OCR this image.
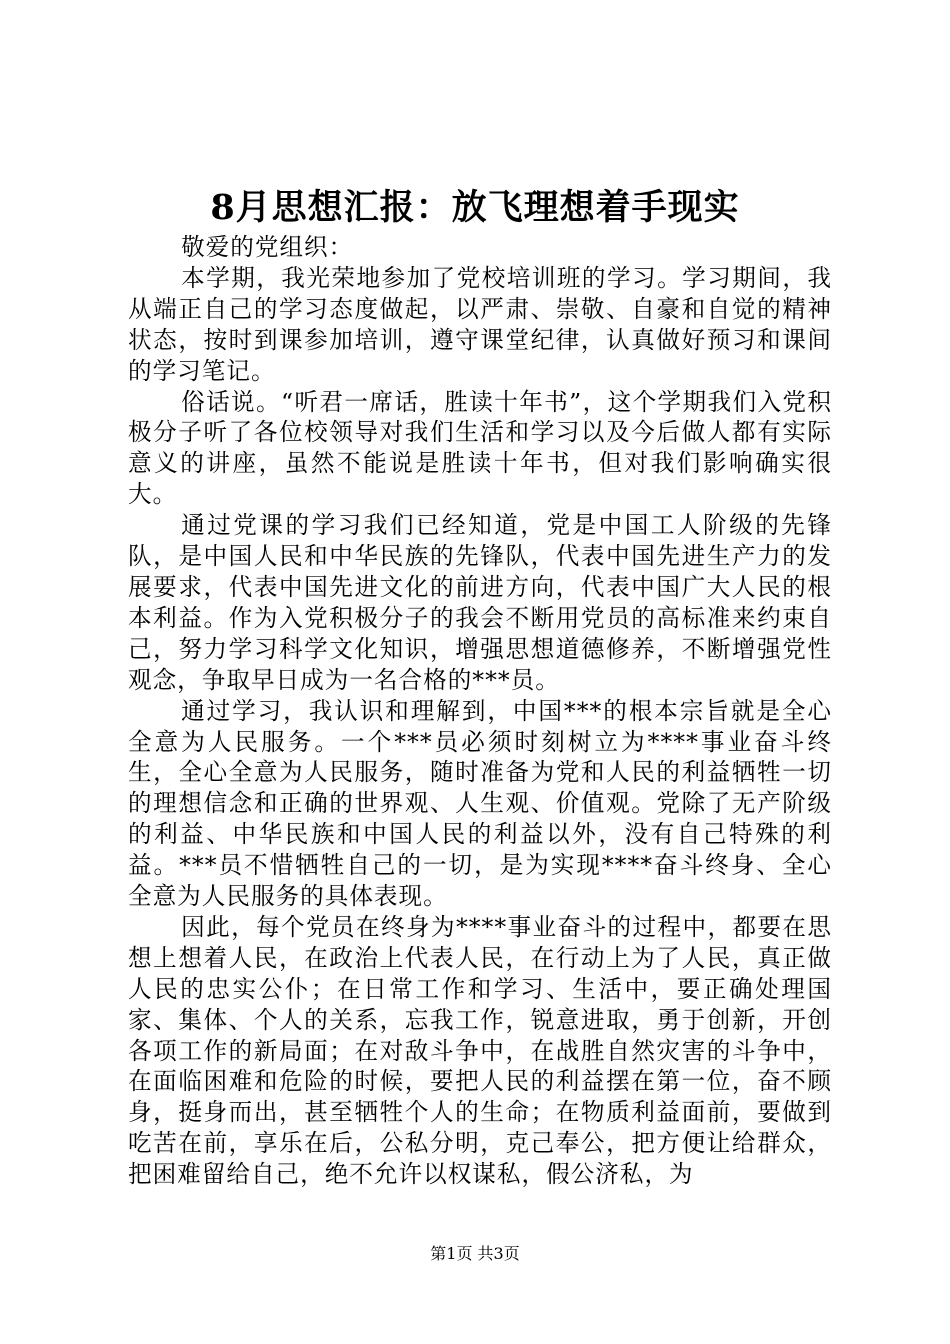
8月思想汇报：放飞理想着手现实

敬爱的党组织：

本学期，我光荣地参加了党校培训班的学习。学习期间，我从端正自己的学习态度做起，以严肃、崇敬、自豪和自觉的精神状态，按时到课参加培训，遵守课堂纪律，认真做好预习和课间的学习笔记。

俗话说。“听君一席话，胜读十年书”，这个学期我们入党积极分子听了各位校领导对我们生活和学习以及今后做人都有实际意义的讲座，虽然不能说是胜读十年书，但对我们影响确实很大。

通过党课的学习我们已经知道，党是中国工人阶级的先锋队，是中国人民和中华民族的先锋队，代表中国先进生产力的发展要求，代表中国先进文化的前进方向，代表中国广大人民的根本利益。作为入党积极分子的我会不断用党员的高标准来约束自己，努力学习科学文化知识，增强思想道德修养，不断增强党性观念，争取早日成为一名合格的***员。

通过学习，我认识和理解到，中国***的根本宗旨就是全心全意为人民服务。一个***员必须时刻树立为****事业奋斗终生，全心全意为人民服务，随时准备为党和人民的利益牺牲一切的理想信念和正确的世界观、人生观、价值观。党除了无产阶级的利益、中华民族和中国人民的利益以外，没有自己特殊的利益。***员不惜牺牲自己的一切，是为实现****奋斗终身、全心全意为人民服务的具体表现。

因此，每个党员在终身为****事业奋斗的过程中，都要在思想上想着人民，在政治上代表人民，在行动上为了人民，真正做人民的忠实公仆；在日常工作和学习、生活中，要正确处理国家、集体、个人的关系，忘我工作，锐意进取，勇于创新，开创各项工作的新局面；在对敌斗争中，在战胜自然灾害的斗争中，在面临困难和危险的时候，要把人民的利益摆在第一位，奋不顾身，挺身而出，甚至牺牲个人的生命；在物质利益面前，要做到吃苦在前，享乐在后，公私分明，克己奉公，把方便让给群众，把困难留给自己，绝不允许以权谋私，假公济私，为

第1页 共3页
